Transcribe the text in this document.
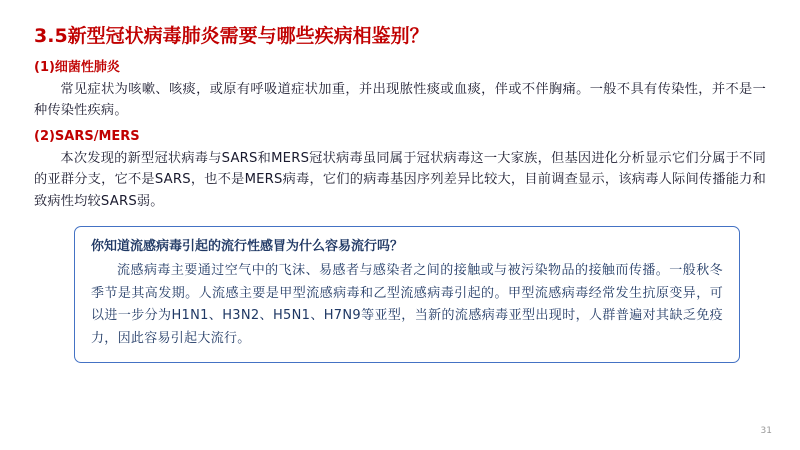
3.5新型冠状病毒肺炎需要与哪些疾病相鉴别？
(1)细菌性肺炎

常见症状为咳嗽、咳痰，或原有呼吸道症状加重，并出现脓性痰或血痰，伴或不伴胸痛。一般不具有传染性，并不是一种传染性疾病。

(2)SARS/MERS

本次发现的新型冠状病毒与SARS和MERS冠状病毒虽同属于冠状病毒这一大家族，但基因进化分析显示它们分属于不同的亚群分支，它不是SARS，也不是MERS病毒，它们的病毒基因序列差异比较大，目前调查显示，该病毒人际间传播能力和致病性均较SARS弱。

你知道流感病毒引起的流行性感冒为什么容易流行吗？

流感病毒主要通过空气中的飞沫、易感者与感染者之间的接触或与被污染物品的接触而传播。一般秋冬季节是其高发期。人流感主要是甲型流感病毒和乙型流感病毒引起的。甲型流感病毒经常发生抗原变异，可以进一步分为H1N1、H3N2、H5N1、H7N9等亚型，当新的流感病毒亚型出现时，人群普遍对其缺乏免疫力，因此容易引起大流行。

31
